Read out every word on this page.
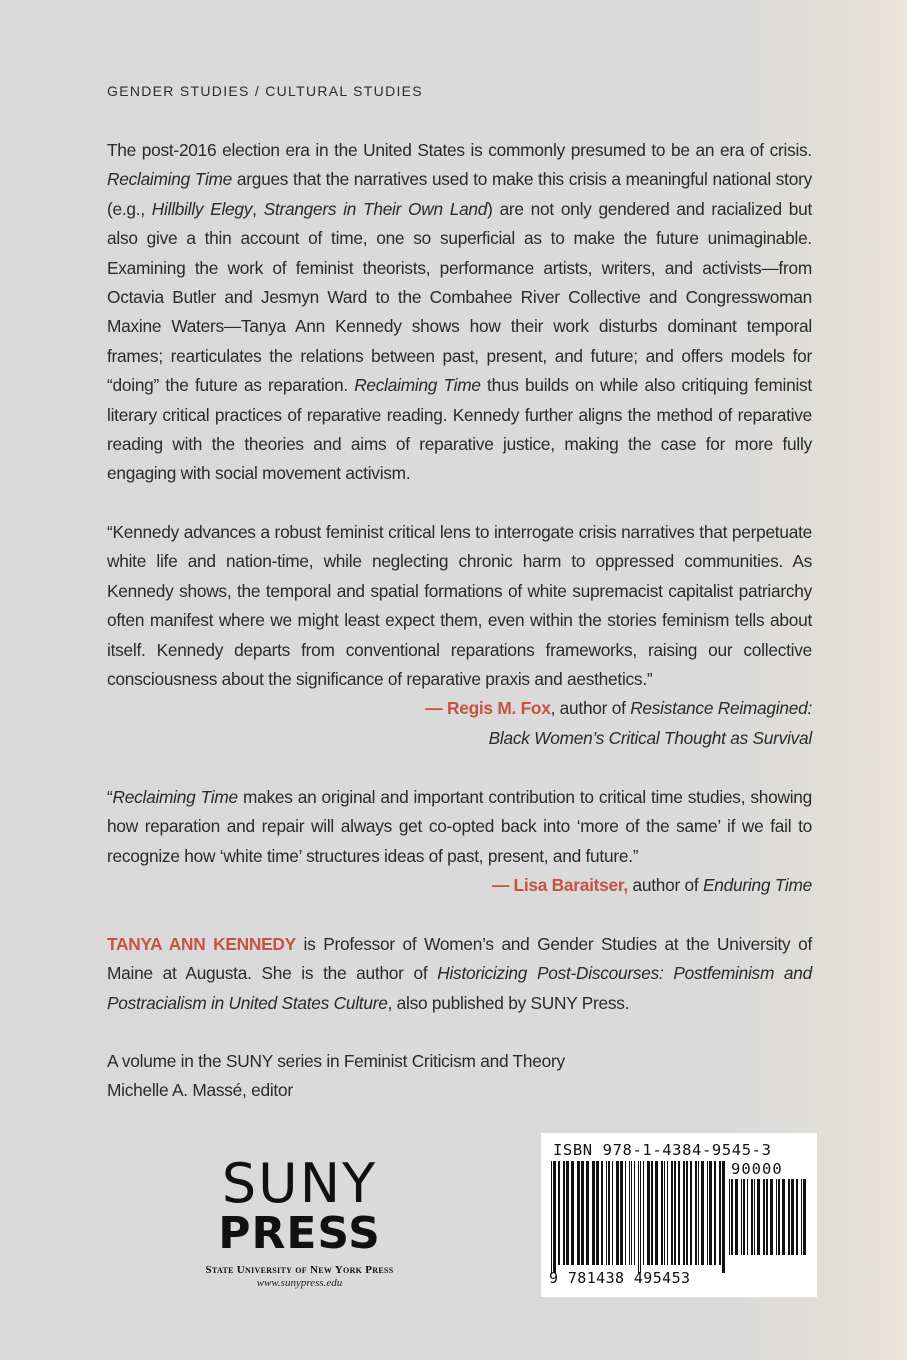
GENDER STUDIES / CULTURAL STUDIES

The post-2016 election era in the United States is commonly presumed to be an era of crisis. Reclaiming Time argues that the narratives used to make this crisis a meaningful national story (e.g., Hillbilly Elegy, Strangers in Their Own Land) are not only gendered and racialized but also give a thin account of time, one so superficial as to make the future unimaginable. Examining the work of feminist theorists, performance artists, writers, and activists—from Octavia Butler and Jesmyn Ward to the Combahee River Collective and Congresswoman Maxine Waters—Tanya Ann Kennedy shows how their work disturbs dominant temporal frames; rearticulates the relations between past, present, and future; and offers models for “doing” the future as reparation. Reclaiming Time thus builds on while also critiquing feminist literary critical practices of reparative reading. Kennedy further aligns the method of reparative reading with the theories and aims of reparative justice, making the case for more fully engaging with social movement activism.

“Kennedy advances a robust feminist critical lens to interrogate crisis narratives that perpetuate white life and nation-time, while neglecting chronic harm to oppressed communities. As Kennedy shows, the temporal and spatial formations of white supremacist capitalist patriarchy often manifest where we might least expect them, even within the stories feminism tells about itself. Kennedy departs from conventional reparations frameworks, raising our collective consciousness about the significance of reparative praxis and aesthetics.”
— Regis M. Fox, author of Resistance Reimagined:
Black Women’s Critical Thought as Survival
“Reclaiming Time makes an original and important contribution to critical time studies, showing how reparation and repair will always get co-opted back into ‘more of the same’ if we fail to recognize how ‘white time’ structures ideas of past, present, and future.”
— Lisa Baraitser, author of Enduring Time

TANYA ANN KENNEDY is Professor of Women’s and Gender Studies at the University of Maine at Augusta. She is the author of Historicizing Post-Discourses: Postfeminism and Postracialism in United States Culture, also published by SUNY Press.

A volume in the SUNY series in Feminist Criticism and Theory
Michelle A. Massé, editor
SUNY
PRESS
State University of New York Press
www.sunypress.edu
ISBN 978-1-4384-9545-3
90000
9 781438 495453
